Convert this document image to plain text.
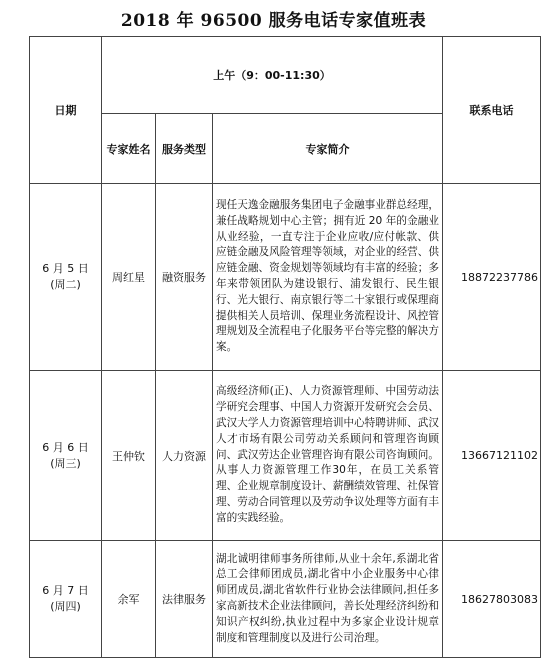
2018 年 96500 服务电话专家值班表
日期	上午（9：00-11:30）			联系电话
	专家姓名	服务类型	专家简介	

6 月 5 日
(周二)	周红星	融资服务	现任天逸金融服务集团电子金融事业群总经理，兼任战略规划中心主管；拥有近 20 年的金融业从业经验，一直专注于企业应收/应付帐款、供应链金融及风险管理等领域，对企业的经营、供应链金融、资金规划等领域均有丰富的经验；多年来带领团队为建设银行、浦发银行、民生银行、光大银行、南京银行等二十家银行或保理商提供相关人员培训、保理业务流程设计、风控管理规划及全流程电子化服务平台等完整的解决方案。	18872237786

6 月 6 日
(周三)	王仲钦	人力资源	高级经济师(正)、人力资源管理师、中国劳动法学研究会理事、中国人力资源开发研究会会员、武汉大学人力资源管理培训中心特聘讲师、武汉人才市场有限公司劳动关系顾问和管理咨询顾问、武汉劳达企业管理咨询有限公司咨询顾问。从事人力资源管理工作30年，在员工关系管理、企业规章制度设计、薪酬绩效管理、社保管理、劳动合同管理以及劳动争议处理等方面有丰富的实践经验。	13667121102

6 月 7 日
(周四)	余军	法律服务	湖北诚明律师事务所律师,从业十余年,系湖北省总工会律师团成员,湖北省中小企业服务中心律师团成员,湖北省软件行业协会法律顾问,担任多家高新技术企业法律顾问，善长处理经济纠纷和知识产权纠纷,执业过程中为多家企业设计规章制度和管理制度以及进行公司治理。	18627803083
